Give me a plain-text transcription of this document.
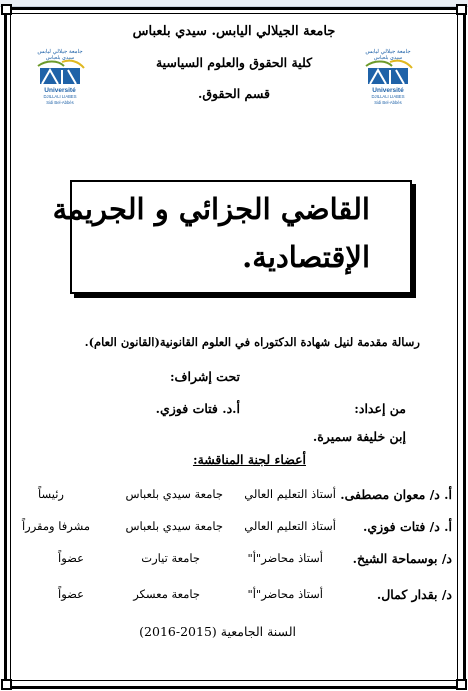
جامعة الجيلالي اليابس. سيدي بلعباس
كلية الحقوق والعلوم السياسية
قسم الحقوق.
جامعة جيلالي ليابس
سيدي بلعباس
Université
DJILLALI LIABES
Sidi Bel-Abbès
جامعة جيلالي ليابس
سيدي بلعباس
Université
DJILLALI LIABES
Sidi Bel-Abbès
القاضي الجزائي و الجريمة
الإقتصادية.
رسالة مقدمة لنيل شهادة الدكتوراه في العلوم القانونية(القانون العام).
تحت إشراف:
أ.د. فتات فوزي.	من إعداد:
إبن خليفة سميرة.
أعضاء لجنة المناقشة:
أ. د/ معوان مصطفى.
أستاذ التعليم العالي
جامعة سيدي بلعباس
رئيساً
أ. د/ فتات فوزي.
أستاذ التعليم العالي
جامعة سيدي بلعباس
مشرفا ومقرراً
د/ بوسماحة الشيخ.
أستاذ محاضر"أ"
جامعة تيارت
عضواً
د/ بقدار كمال.
أستاذ محاضر"أ"
جامعة معسكر
عضواً
السنة الجامعية (2015-2016)
